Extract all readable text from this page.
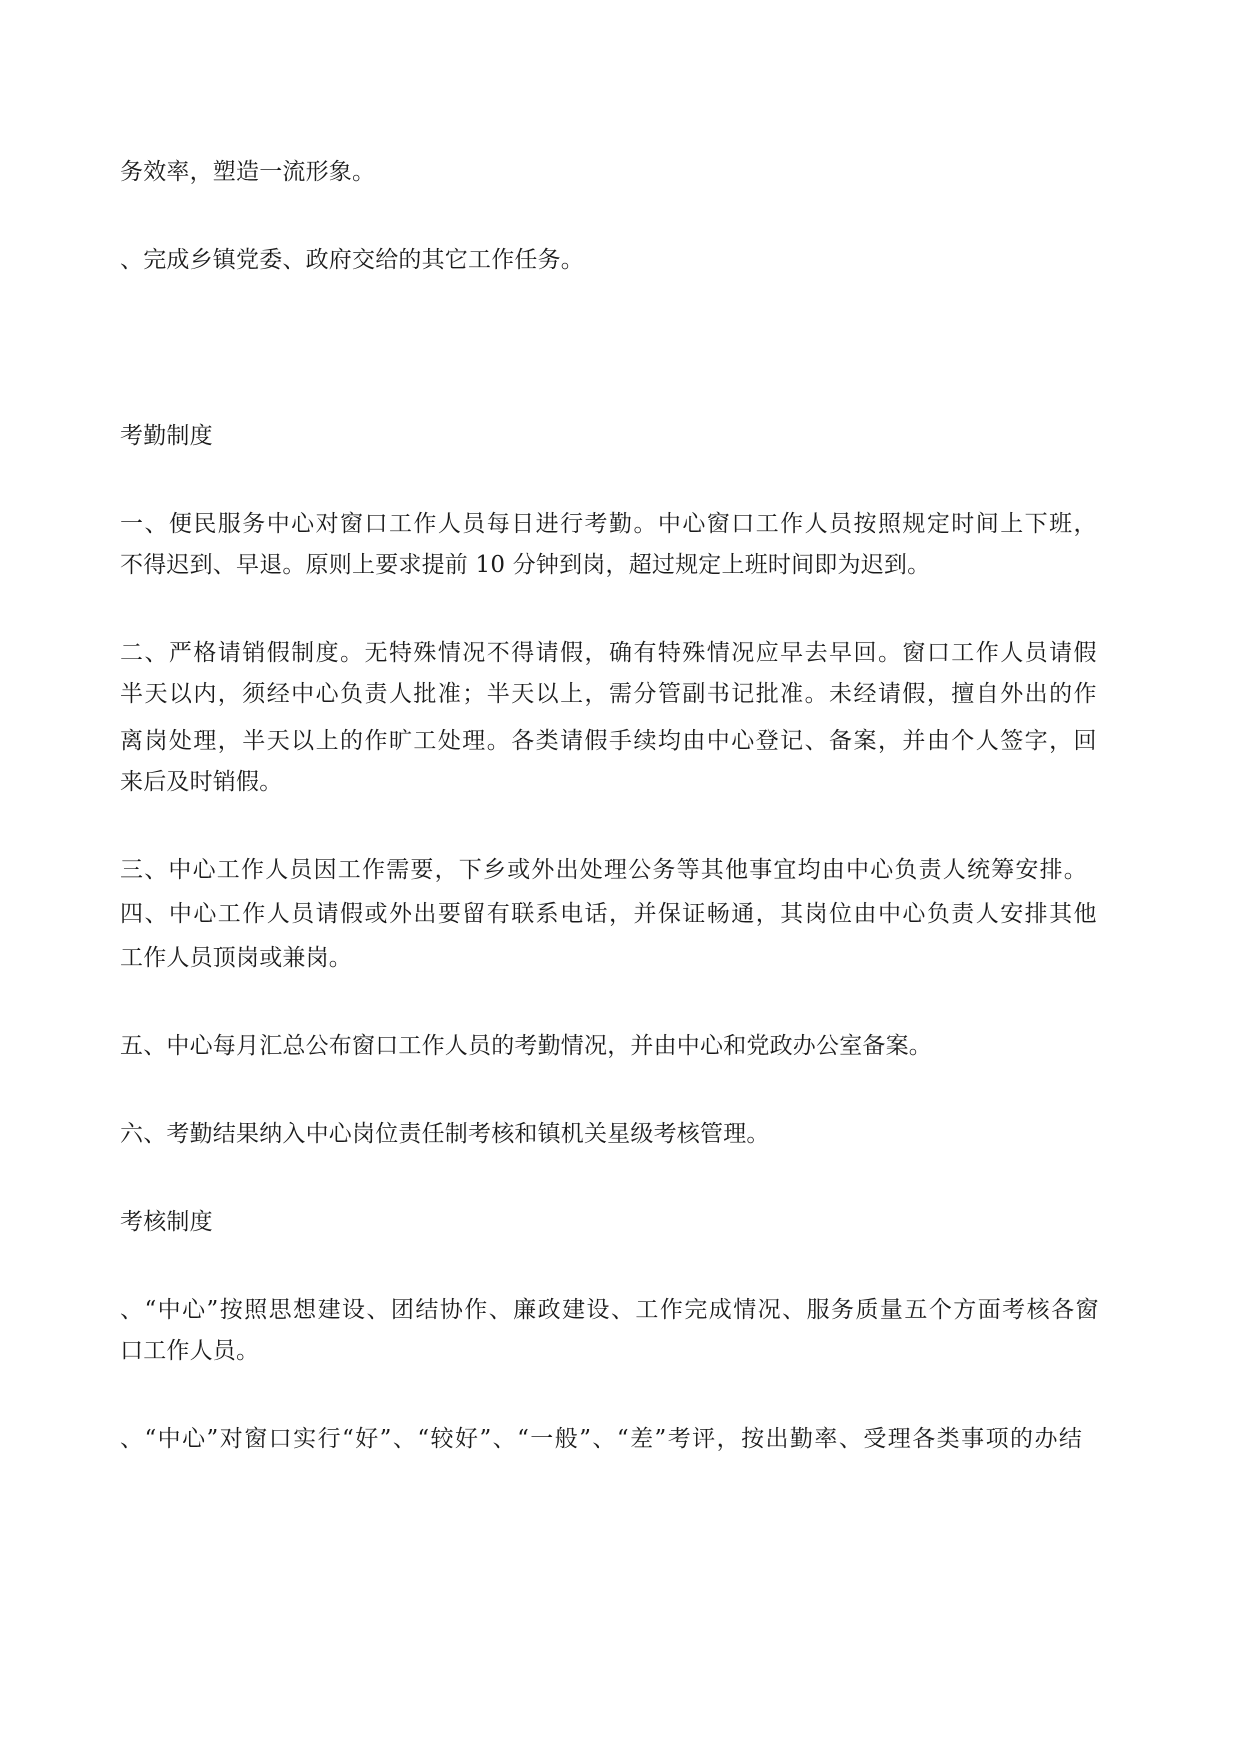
务效率，塑造一流形象。
、完成乡镇党委、政府交给的其它工作任务。
考勤制度
一、便民服务中心对窗口工作人员每日进行考勤。中心窗口工作人员按照规定时间上下班，
不得迟到、早退。原则上要求提前 10 分钟到岗，超过规定上班时间即为迟到。
二、严格请销假制度。无特殊情况不得请假，确有特殊情况应早去早回。窗口工作人员请假
半天以内，须经中心负责人批准；半天以上，需分管副书记批准。未经请假，擅自外出的作
离岗处理，半天以上的作旷工处理。各类请假手续均由中心登记、备案，并由个人签字，回
来后及时销假。
三、中心工作人员因工作需要，下乡或外出处理公务等其他事宜均由中心负责人统筹安排。
四、中心工作人员请假或外出要留有联系电话，并保证畅通，其岗位由中心负责人安排其他
工作人员顶岗或兼岗。
五、中心每月汇总公布窗口工作人员的考勤情况，并由中心和党政办公室备案。
六、考勤结果纳入中心岗位责任制考核和镇机关星级考核管理。
考核制度
、“中心”按照思想建设、团结协作、廉政建设、工作完成情况、服务质量五个方面考核各窗
口工作人员。
、“中心”对窗口实行“好”、“较好”、“一般”、“差”考评，按出勤率、受理各类事项的办结
